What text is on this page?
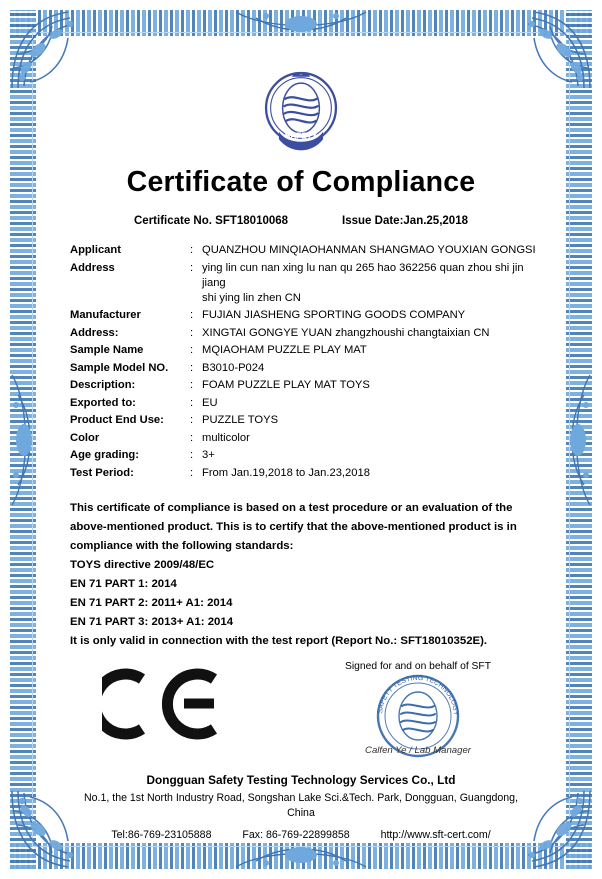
SAFETY
Certificate of Compliance
Certificate No. SFT18010068	Issue Date:Jan.25,2018
Applicant	: QUANZHOU MINQIAOHANMAN SHANGMAO YOUXIAN GONGSI
Address	: ying lin cun nan xing lu nan qu 265 hao 362256 quan zhou shi jin jiang
shi ying lin zhen CN
Manufacturer	: FUJIAN JIASHENG SPORTING GOODS COMPANY
Address:	: XINGTAI GONGYE YUAN zhangzhoushi changtaixian CN
Sample Name	: MQIAOHAM PUZZLE PLAY MAT
Sample Model NO.	: B3010-P024
Description:	: FOAM PUZZLE PLAY MAT TOYS
Exported to:	: EU
Product End Use:	: PUZZLE TOYS
Color	: multicolor
Age grading:	: 3+
Test Period:	: From Jan.19,2018 to Jan.23,2018

This certificate of compliance is based on a test procedure or an evaluation of the

above-mentioned product. This is to certify that the above-mentioned product is in

compliance with the following standards:

TOYS directive 2009/48/EC

EN 71 PART 1: 2014

EN 71 PART 2: 2011+ A1: 2014

EN 71 PART 3: 2013+ A1: 2014

It is only valid in connection with the test report (Report No.: SFT18010352E).

Signed for and on behalf of SFT
SAFETY TESTING TECHNOLOGY SERVICES CO., LTD
Calfen Ye / Lab Manager
Dongguan Safety Testing Technology Services Co., Ltd
No.1, the 1st North Industry Road, Songshan Lake Sci.&Tech. Park, Dongguan, Guangdong,
China
Tel:86-769-23105888	Fax: 86-769-22899858	http://www.sft-cert.com/
